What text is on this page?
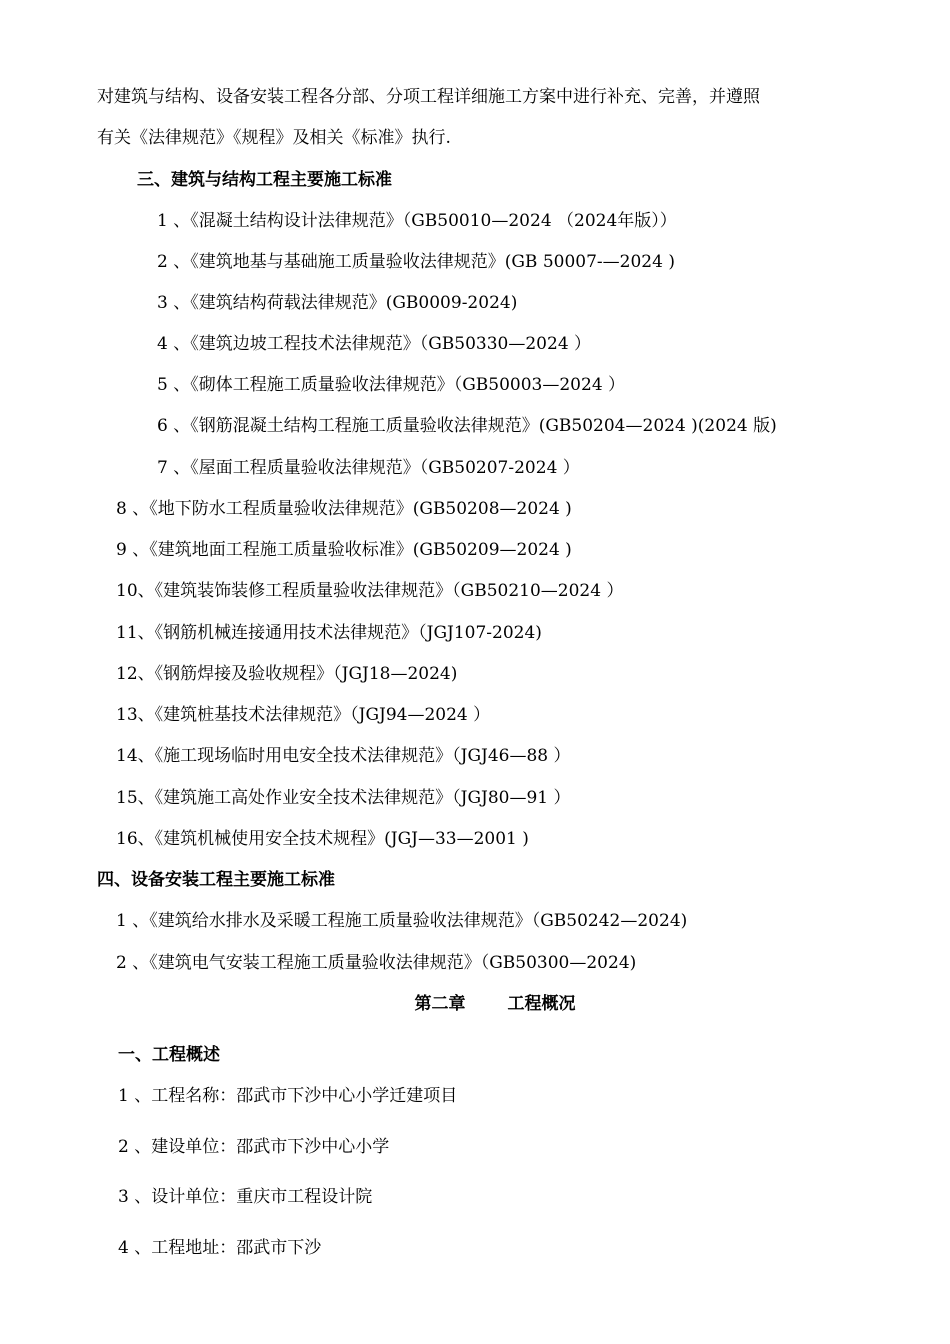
对建筑与结构、设备安装工程各分部、分项工程详细施工方案中进行补充、完善，并遵照
有关《法律规范》《规程》及相关《标准》执行.
三、建筑与结构工程主要施工标准
1 、《混凝土结构设计法律规范》（GB50010—2024 （2024年版））
2 、《建筑地基与基础施工质量验收法律规范》(GB 50007-—2024 )
3 、《建筑结构荷载法律规范》(GB0009-2024)
4 、《建筑边坡工程技术法律规范》（GB50330—2024 ）
5 、《砌体工程施工质量验收法律规范》（GB50003—2024 ）
6 、《钢筋混凝土结构工程施工质量验收法律规范》(GB50204—2024 )(2024 版)
7 、《屋面工程质量验收法律规范》（GB50207-2024 ）
8 、《地下防水工程质量验收法律规范》(GB50208—2024 )
9 、《建筑地面工程施工质量验收标准》(GB50209—2024 )
10、《建筑装饰装修工程质量验收法律规范》（GB50210—2024 ）
11、《钢筋机械连接通用技术法律规范》（JGJ107-2024)
12、《钢筋焊接及验收规程》（JGJ18—2024)
13、《建筑桩基技术法律规范》（JGJ94—2024 ）
14、《施工现场临时用电安全技术法律规范》（JGJ46—88 ）
15、《建筑施工高处作业安全技术法律规范》（JGJ80—91 ）
16、《建筑机械使用安全技术规程》(JGJ—33—2001 )
四、设备安装工程主要施工标准
1 、《建筑给水排水及采暖工程施工质量验收法律规范》（GB50242—2024)
2 、《建筑电气安装工程施工质量验收法律规范》（GB50300—2024)
第二章 工程概况
一、工程概述
1 、工程名称：邵武市下沙中心小学迁建项目
2 、建设单位：邵武市下沙中心小学
3 、设计单位：重庆市工程设计院
4 、工程地址：邵武市下沙
